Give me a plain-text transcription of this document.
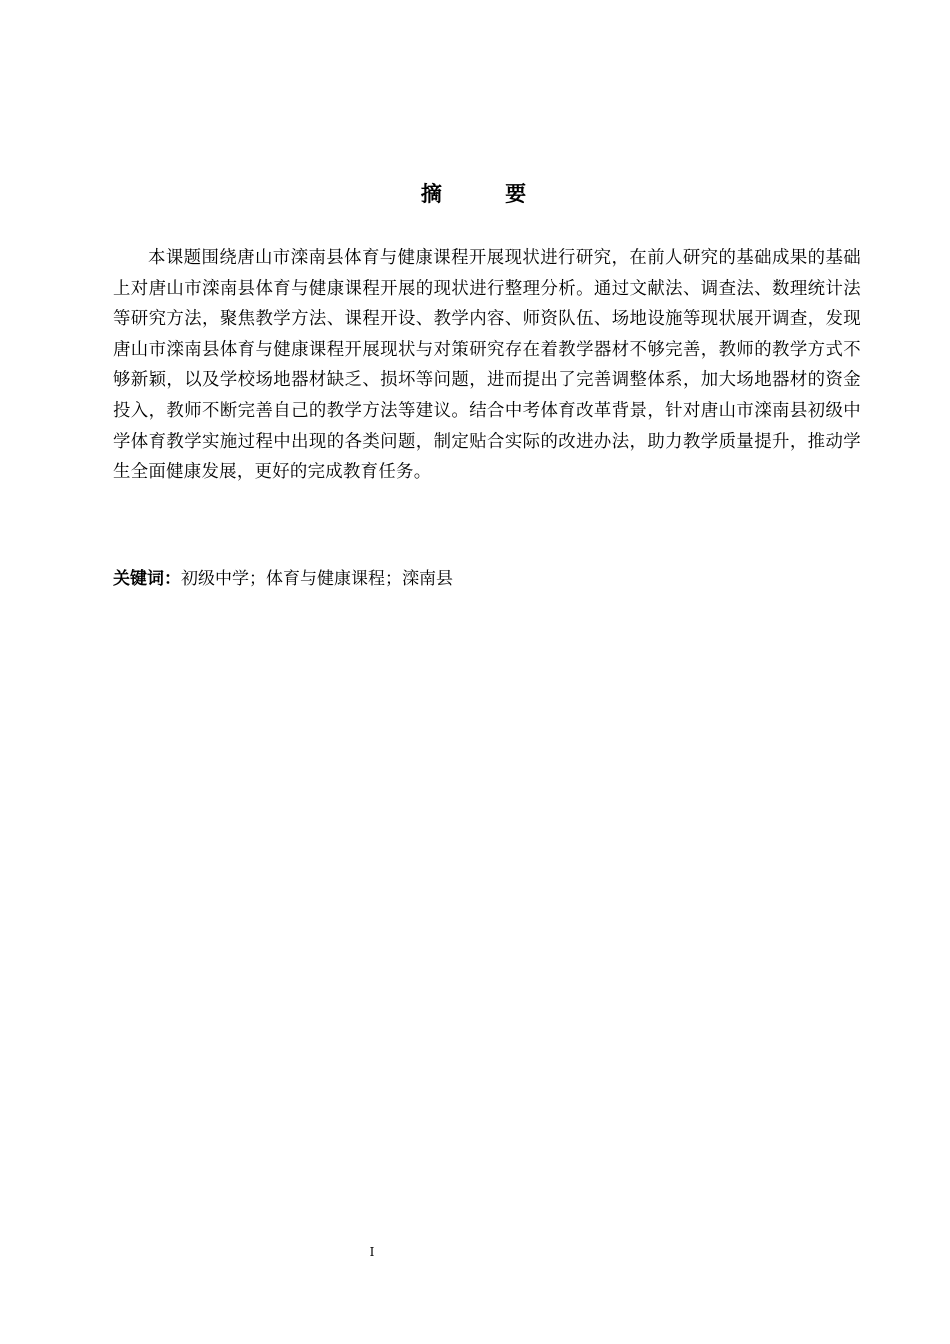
摘 要

本课题围绕唐山市滦南县体育与健康课程开展现状进行研究，在前人研究的基础成果的基础上对唐山市滦南县体育与健康课程开展的现状进行整理分析。通过文献法、调查法、数理统计法等研究方法，聚焦教学方法、课程开设、教学内容、师资队伍、场地设施等现状展开调查，发现唐山市滦南县体育与健康课程开展现状与对策研究存在着教学器材不够完善，教师的教学方式不够新颖，以及学校场地器材缺乏、损坏等问题，进而提出了完善调整体系，加大场地器材的资金投入，教师不断完善自己的教学方法等建议。结合中考体育改革背景，针对唐山市滦南县初级中学体育教学实施过程中出现的各类问题，制定贴合实际的改进办法，助力教学质量提升，推动学生全面健康发展，更好的完成教育任务。

关键词：初级中学；体育与健康课程；滦南县

I
